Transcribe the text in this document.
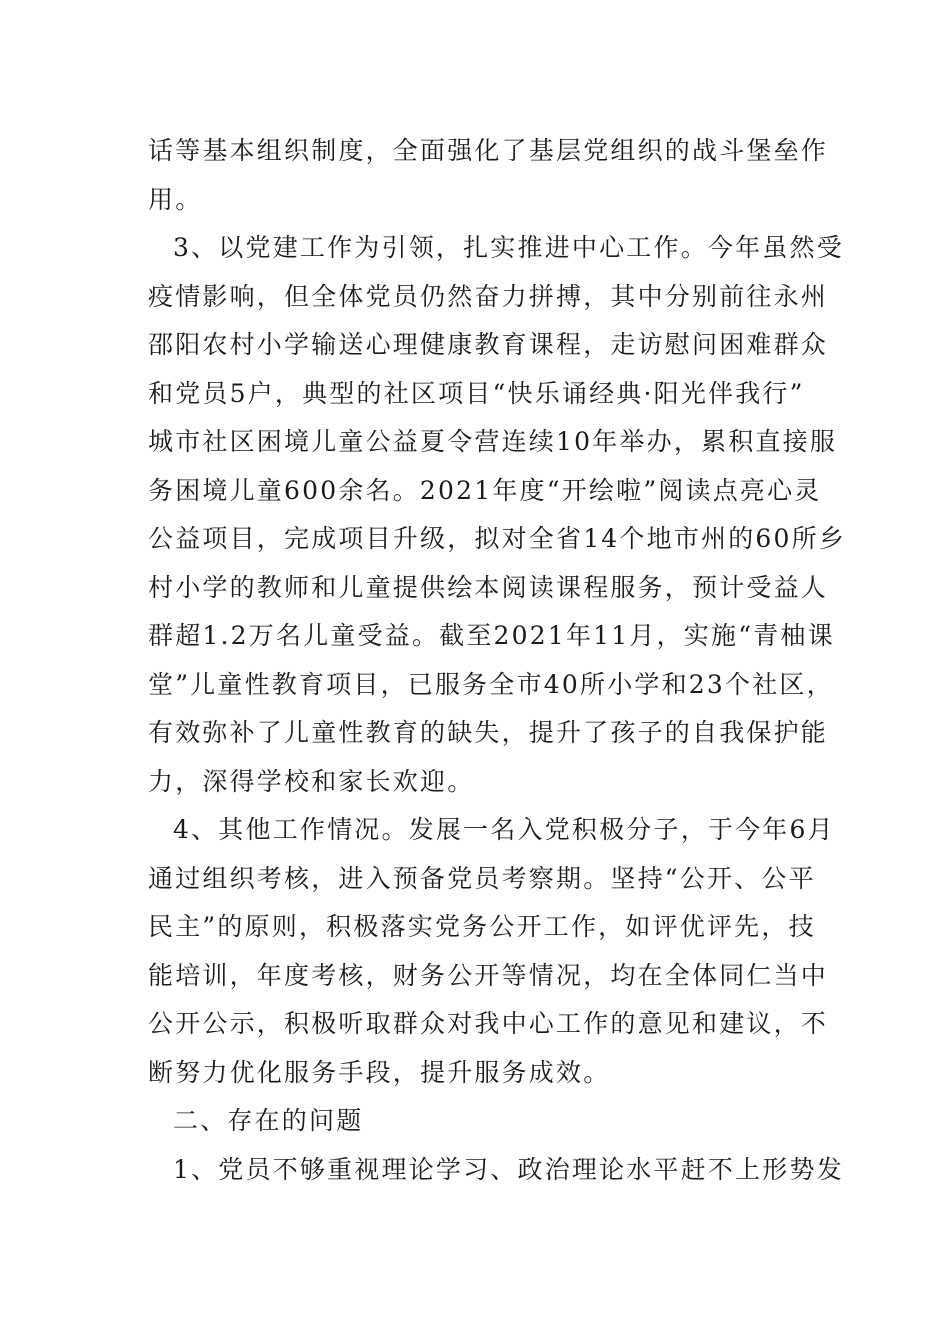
话等基本组织制度，全面强化了基层党组织的战斗堡垒作
用。
3、以党建工作为引领，扎实推进中心工作。今年虽然受
疫情影响，但全体党员仍然奋力拼搏，其中分别前往永州
邵阳农村小学输送心理健康教育课程，走访慰问困难群众
和党员5户，典型的社区项目“快乐诵经典·阳光伴我行”
城市社区困境儿童公益夏令营连续10年举办，累积直接服
务困境儿童600余名。2021年度“开绘啦”阅读点亮心灵
公益项目，完成项目升级，拟对全省14个地市州的60所乡
村小学的教师和儿童提供绘本阅读课程服务，预计受益人
群超1.2万名儿童受益。截至2021年11月，实施“青柚课
堂”儿童性教育项目，已服务全市40所小学和23个社区，
有效弥补了儿童性教育的缺失，提升了孩子的自我保护能
力，深得学校和家长欢迎。
4、其他工作情况。发展一名入党积极分子，于今年6月
通过组织考核，进入预备党员考察期。坚持“公开、公平
民主”的原则，积极落实党务公开工作，如评优评先，技
能培训，年度考核，财务公开等情况，均在全体同仁当中
公开公示，积极听取群众对我中心工作的意见和建议，不
断努力优化服务手段，提升服务成效。
二、存在的问题
1、党员不够重视理论学习、政治理论水平赶不上形势发
